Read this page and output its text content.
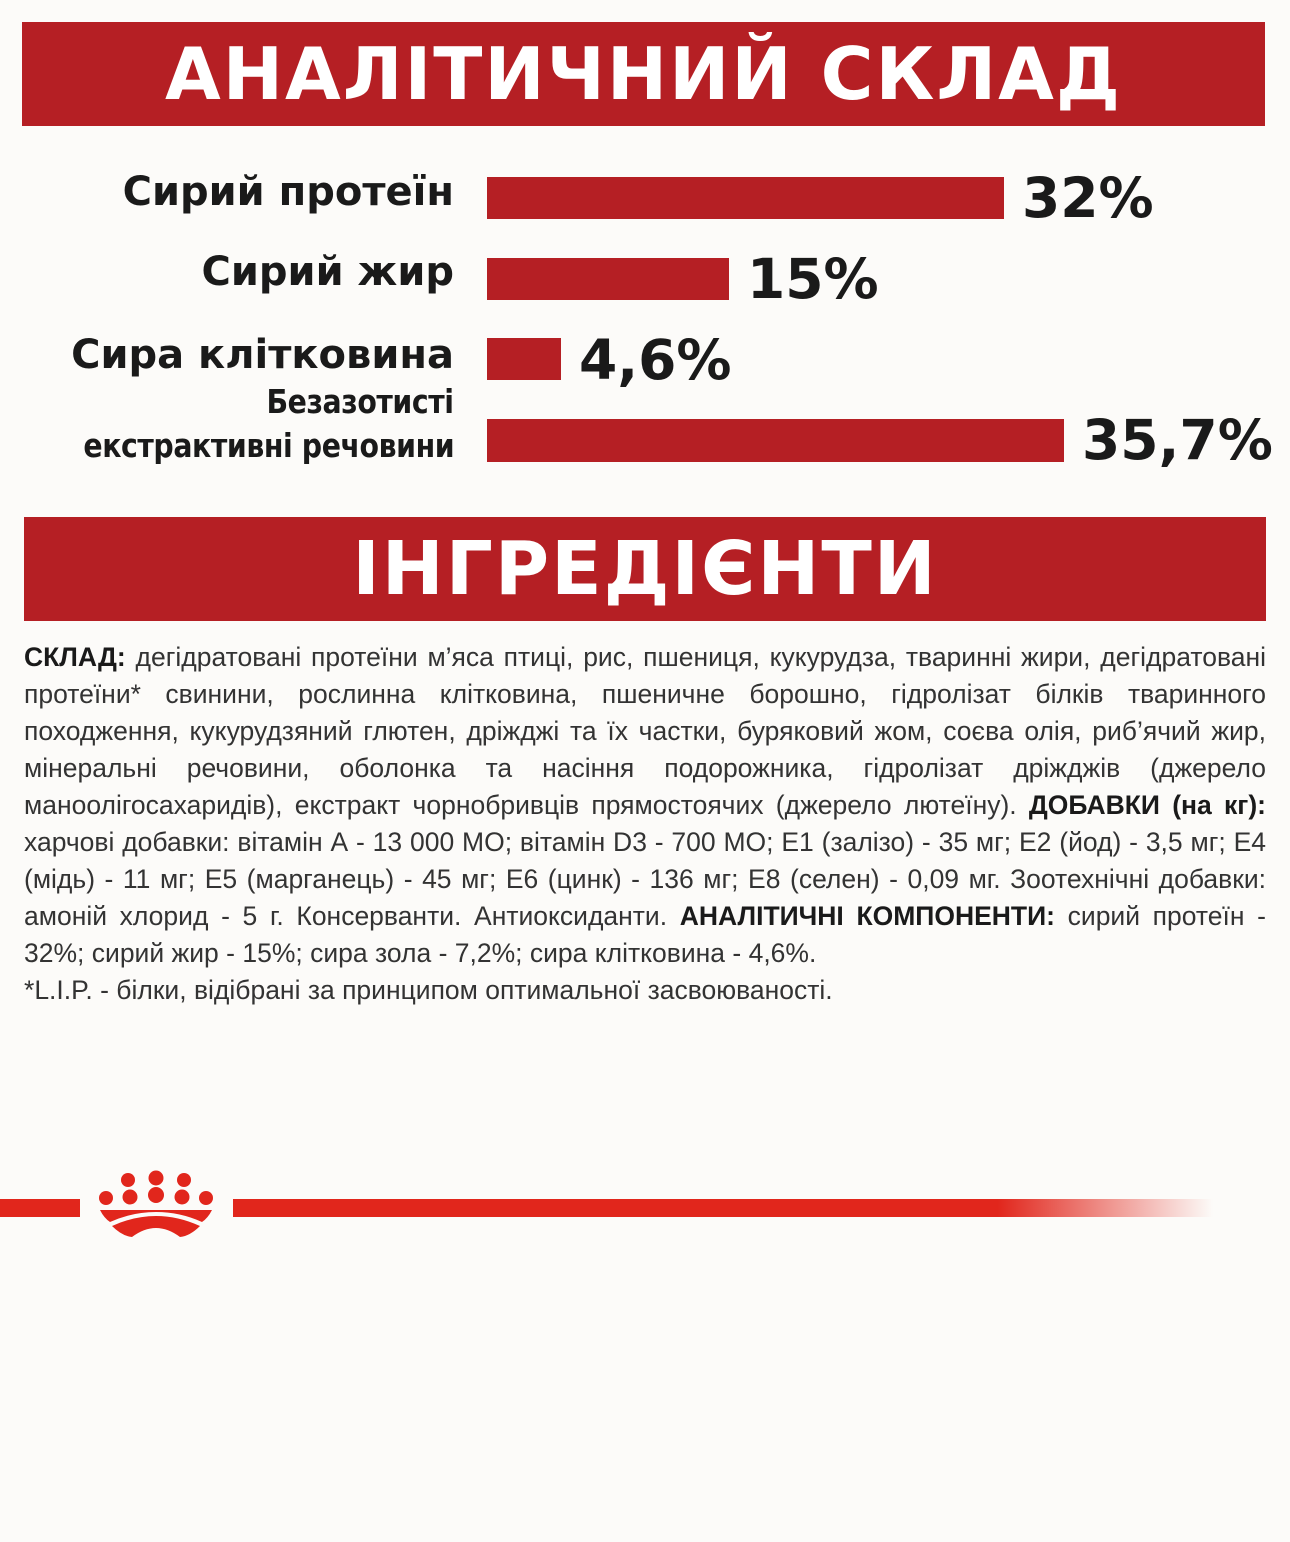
АНАЛІТИЧНИЙ СКЛАД
Сирий протеїн	32%
Сирий жир	15%
Сира клітковина 4,6%
Безазотисті
екстрактивні речовини	35,7%
ІНГРЕДІЄНТИ
СКЛАД: дегідратовані протеїни м’яса птиці, рис, пшениця, кукурудза, тваринні жири, дегідратовані протеїни* свинини, рослинна клітковина, пшеничне борошно, гідролізат білків тваринного походження, кукурудзяний глютен, дріжджі та їх частки, буряковий жом, соєва олія, риб’ячий жир, мінеральні речовини, оболонка та насіння подорожника, гідролізат дріжджів (джерело маноолігосахаридів), екстракт чорнобривців прямостоячих (джерело лютеїну). ДОБАВКИ (на кг): харчові добавки: вітамін А - 13 000 МО; вітамін D3 - 700 МО; Е1 (залізо) - 35 мг; Е2 (йод) - 3,5 мг; Е4 (мідь) - 11 мг; Е5 (марганець) - 45 мг; Е6 (цинк) - 136 мг; Е8 (селен) - 0,09 мг. Зоотехнічні добавки: амоній хлорид - 5 г. Консерванти. Антиоксиданти. АНАЛІТИЧНІ КОМПОНЕНТИ: сирий протеїн - 32%; сирий жир - 15%; сира зола - 7,2%; сира клітковина - 4,6%.
*L.I.P. - білки, відібрані за принципом оптимальної засвоюваності.
